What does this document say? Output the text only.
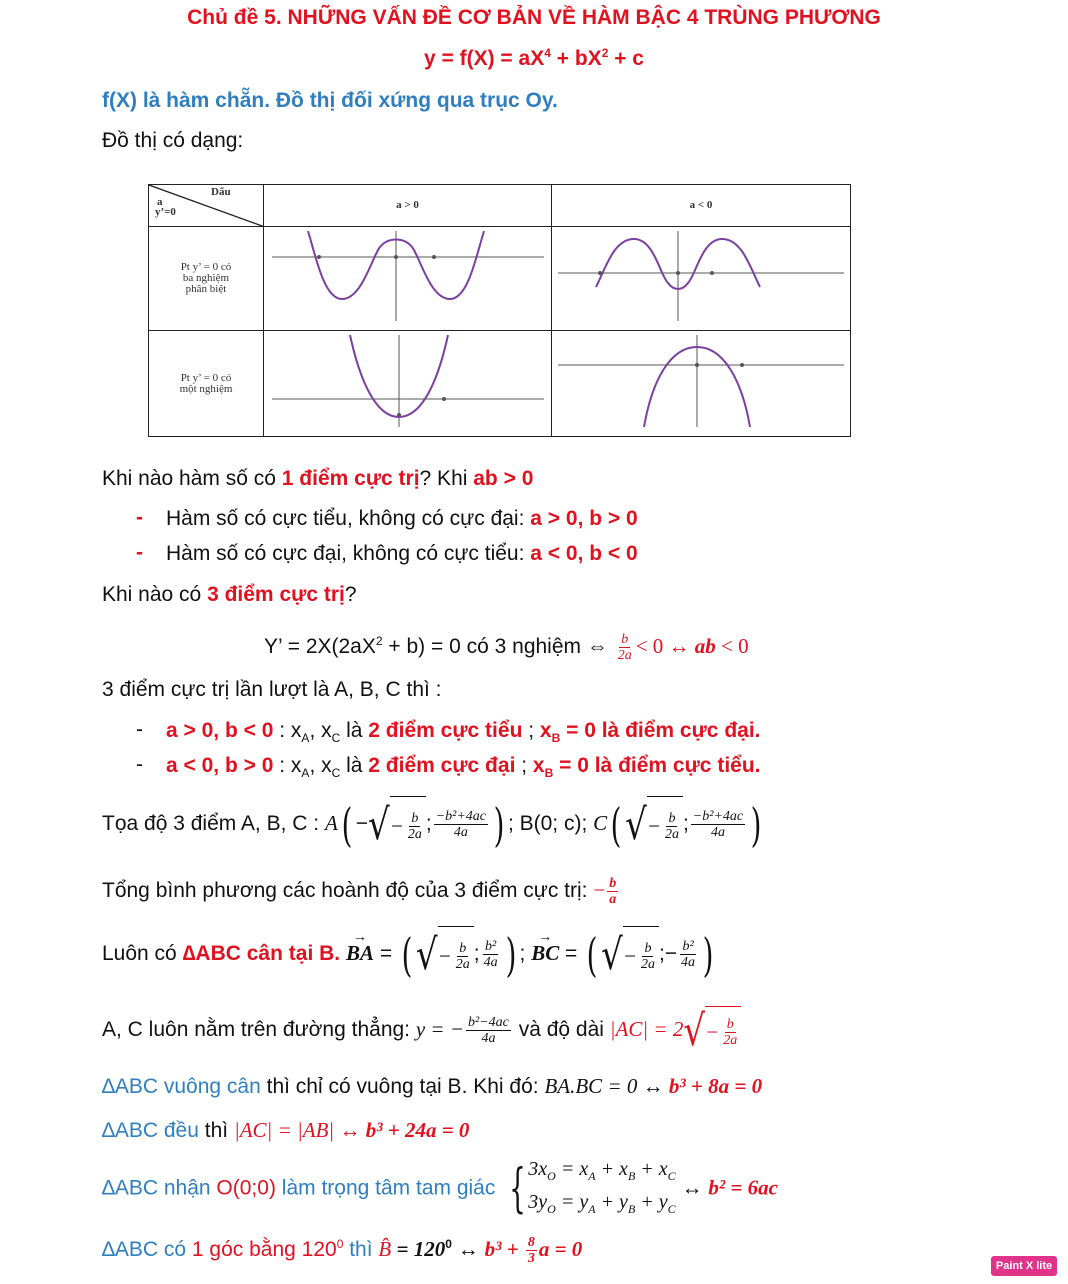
Chủ đề 5. NHỮNG VẤN ĐỀ CƠ BẢN VỀ HÀM BẬC 4 TRÙNG PHƯƠNG
$y = f(X) = aX^4 + bX^2 + c$
f(X) là hàm chẵn. Đồ thị đối xứng qua trục Oy.
Đồ thị có dạng:
Dấu
a
y’=0	a > 0	a < 0

Pt y’ = 0 có
ba nghiệm
phân biệt

Pt y’ = 0 có
một nghiệm

Khi nào hàm số có 1 điểm cực trị? Khi ab > 0
- Hàm số có cực tiểu, không có cực đại: a > 0, b > 0
- Hàm số có cực đại, không có cực tiểu: a < 0, b < 0
Khi nào có 3 điểm cực trị?
Y’ = $2X(2aX^2 + b) = 0$ có 3 nghiệm ⇔ $\frac{b}{2a} < 0$ ↔ ab < 0
3 điểm cực trị lần lượt là A, B, C thì :
- a > 0, b < 0 : $x_A$, $x_C$ là 2 điểm cực tiểu ; $x_B = 0$ là điểm cực đại.
- a < 0, b > 0 : $x_A$, $x_C$ là 2 điểm cực đại ; $x_B = 0$ là điểm cực tiểu.
Tọa độ 3 điểm A, B, C : A( − √ − $\frac{b}{2a}$ ; $\frac{\text{−b²+4ac}}{4a}$ ) ; B(0; c); C( √ − $\frac{b}{2a}$ ; $\frac{\text{−b²+4ac}}{4a}$ )
Tổng bình phương các hoành độ của 3 điểm cực trị: − $\frac{b}{a}$
Luôn có ∆ABC cân tại B. → BA = ( √ − $\frac{b}{2a}$ ; $\frac{\text{b²}}{4a}$ ) ; → BC = ( √ − $\frac{b}{2a}$ ;− $\frac{\text{b²}}{4a}$ )
A, C luôn nằm trên đường thẳng: y = − $\frac{\text{b²−4ac}}{4a}$ và độ dài |AC| = 2 √ − $\frac{b}{2a}$
∆ABC vuông cân thì chỉ có vuông tại B. Khi đó: BA.BC = 0 ↔ b³ + 8a = 0
∆ABC đều thì |AC| = |AB| ↔ b³ + 24a = 0
∆ABC nhận O(0;0) làm trọng tâm tam giác { $3x_O = x_A + x_B + x_C$
$3y_O = y_A + y_B + y_C$
↔ b² = 6ac
∆ABC có 1 góc bằng $120^0$ thì B̂ = $120^0$ ↔ $b^3 + \frac{8}{3}$ a = 0
Paint X lite
